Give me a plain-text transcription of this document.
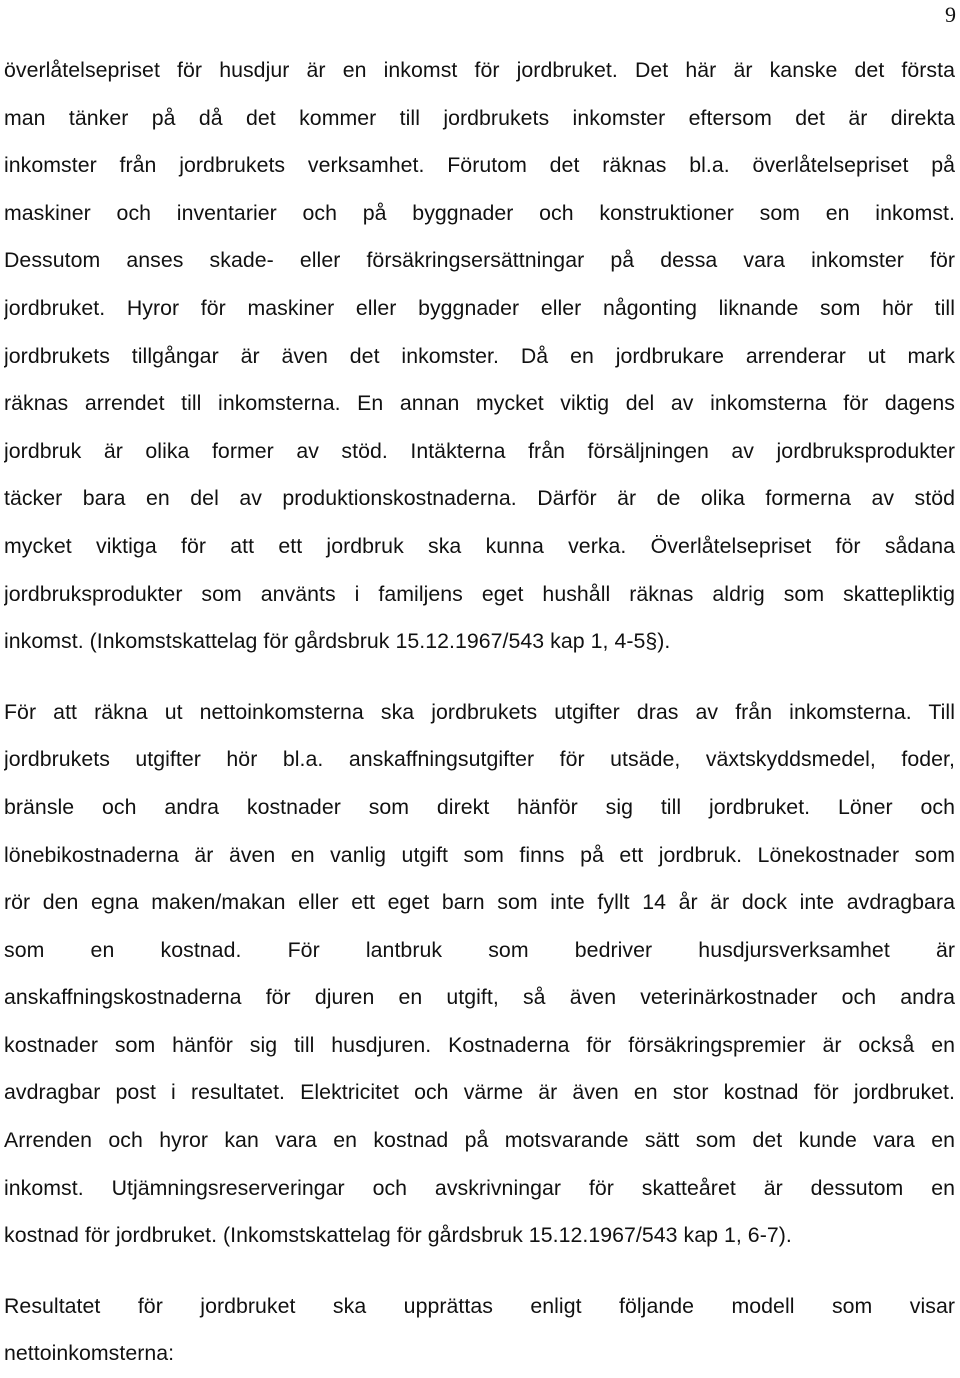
9
överlåtelsepriset för husdjur är en inkomst för jordbruket. Det här är kanske det första
man tänker på då det kommer till jordbrukets inkomster eftersom det är direkta
inkomster från jordbrukets verksamhet. Förutom det räknas bl.a. överlåtelsepriset på
maskiner och inventarier och på byggnader och konstruktioner som en inkomst.
Dessutom anses skade- eller försäkringsersättningar på dessa vara inkomster för
jordbruket. Hyror för maskiner eller byggnader eller någonting liknande som hör till
jordbrukets tillgångar är även det inkomster. Då en jordbrukare arrenderar ut mark
räknas arrendet till inkomsterna. En annan mycket viktig del av inkomsterna för dagens
jordbruk är olika former av stöd. Intäkterna från försäljningen av jordbruksprodukter
täcker bara en del av produktionskostnaderna. Därför är de olika formerna av stöd
mycket viktiga för att ett jordbruk ska kunna verka. Överlåtelsepriset för sådana
jordbruksprodukter som använts i familjens eget hushåll räknas aldrig som skattepliktig
inkomst. (Inkomstskattelag för gårdsbruk 15.12.1967/543 kap 1, 4-5§).
För att räkna ut nettoinkomsterna ska jordbrukets utgifter dras av från inkomsterna. Till
jordbrukets utgifter hör bl.a. anskaffningsutgifter för utsäde, växtskyddsmedel, foder,
bränsle och andra kostnader som direkt hänför sig till jordbruket. Löner och
lönebikostnaderna är även en vanlig utgift som finns på ett jordbruk. Lönekostnader som
rör den egna maken/makan eller ett eget barn som inte fyllt 14 år är dock inte avdragbara
som en kostnad. För lantbruk som bedriver husdjursverksamhet är
anskaffningskostnaderna för djuren en utgift, så även veterinärkostnader och andra
kostnader som hänför sig till husdjuren. Kostnaderna för försäkringspremier är också en
avdragbar post i resultatet. Elektricitet och värme är även en stor kostnad för jordbruket.
Arrenden och hyror kan vara en kostnad på motsvarande sätt som det kunde vara en
inkomst. Utjämningsreserveringar och avskrivningar för skatteåret är dessutom en
kostnad för jordbruket. (Inkomstskattelag för gårdsbruk 15.12.1967/543 kap 1, 6-7).
Resultatet för jordbruket ska upprättas enligt följande modell som visar
nettoinkomsterna:
